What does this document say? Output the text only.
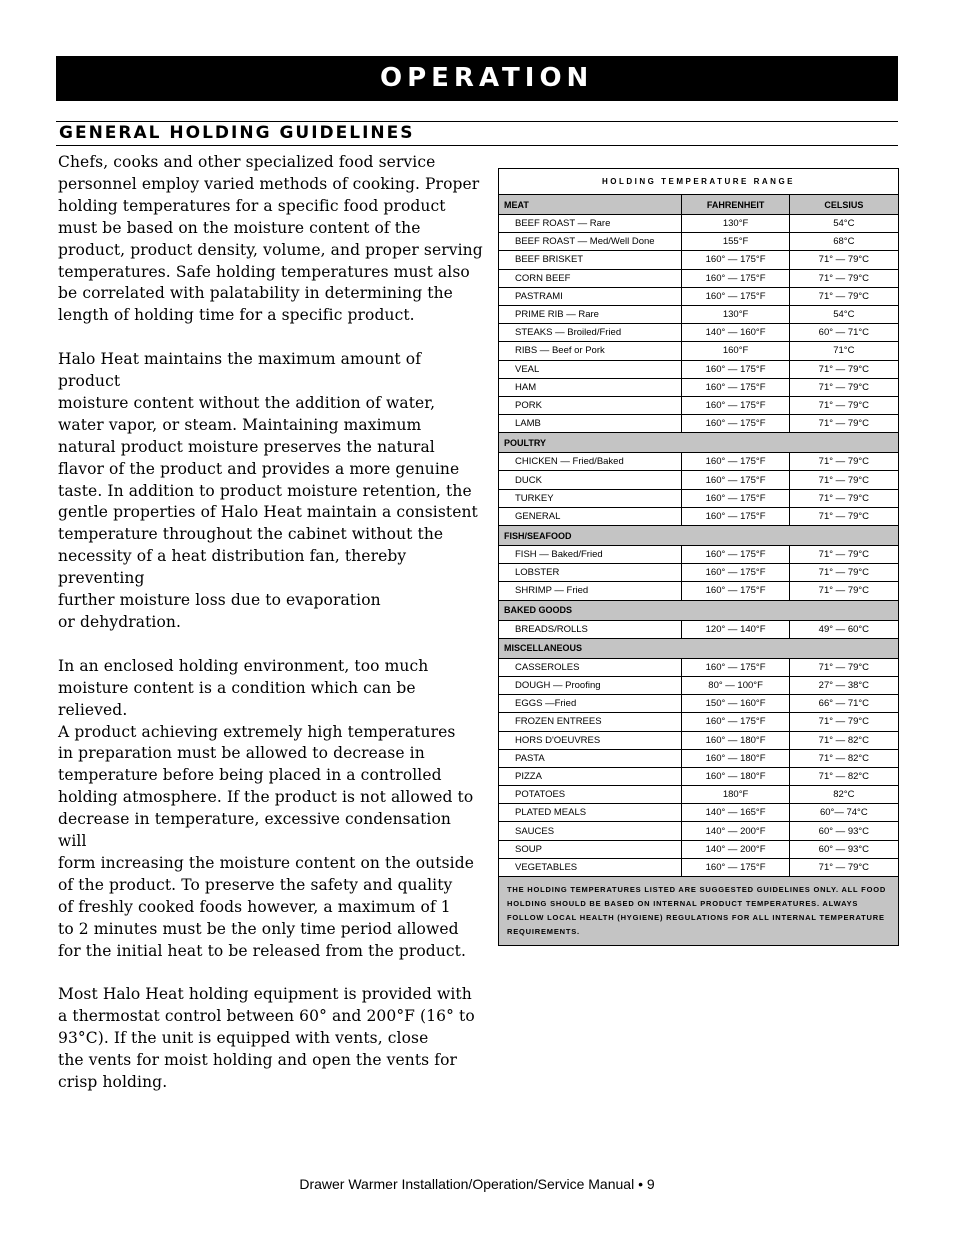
OPERATION
GENERAL HOLDING GUIDELINES

Chefs, cooks and other specialized food service
personnel employ varied methods of cooking. Proper
holding temperatures for a specific food product
must be based on the moisture content of the
product, product density, volume, and proper serving
temperatures. Safe holding temperatures must also
be correlated with palatability in determining the
length of holding time for a specific product.

Halo Heat maintains the maximum amount of product
moisture content without the addition of water,
water vapor, or steam. Maintaining maximum
natural product moisture preserves the natural
flavor of the product and provides a more genuine
taste. In addition to product moisture retention, the
gentle properties of Halo Heat maintain a consistent
temperature throughout the cabinet without the
necessity of a heat distribution fan, thereby preventing
further moisture loss due to evaporation
or dehydration.

In an enclosed holding environment, too much
moisture content is a condition which can be relieved.
A product achieving extremely high temperatures
in preparation must be allowed to decrease in
temperature before being placed in a controlled
holding atmosphere. If the product is not allowed to
decrease in temperature, excessive condensation will
form increasing the moisture content on the outside
of the product. To preserve the safety and quality
of freshly cooked foods however, a maximum of 1
to 2 minutes must be the only time period allowed
for the initial heat to be released from the product.

Most Halo Heat holding equipment is provided with
a thermostat control between 60° and 200°F (16° to
93°C). If the unit is equipped with vents, close
the vents for moist holding and open the vents for
crisp holding.

HOLDING TEMPERATURE RANGE		
MEAT	FAHRENHEIT	CELSIUS
BEEF ROAST — Rare	130°F	54°C
BEEF ROAST — Med/Well Done	155°F	68°C
BEEF BRISKET	160° — 175°F	71° — 79°C
CORN BEEF	160° — 175°F	71° — 79°C
PASTRAMI	160° — 175°F	71° — 79°C
PRIME RIB — Rare	130°F	54°C
STEAKS — Broiled/Fried	140° — 160°F	60° — 71°C
RIBS — Beef or Pork	160°F	71°C
VEAL	160° — 175°F	71° — 79°C
HAM	160° — 175°F	71° — 79°C
PORK	160° — 175°F	71° — 79°C
LAMB	160° — 175°F	71° — 79°C
POULTRY		
CHICKEN — Fried/Baked	160° — 175°F	71° — 79°C
DUCK	160° — 175°F	71° — 79°C
TURKEY	160° — 175°F	71° — 79°C
GENERAL	160° — 175°F	71° — 79°C
FISH/SEAFOOD		
FISH — Baked/Fried	160° — 175°F	71° — 79°C
LOBSTER	160° — 175°F	71° — 79°C
SHRIMP — Fried	160° — 175°F	71° — 79°C
BAKED GOODS		
BREADS/ROLLS	120° — 140°F	49° — 60°C
MISCELLANEOUS		
CASSEROLES	160° — 175°F	71° — 79°C
DOUGH — Proofing	80° — 100°F	27° — 38°C
EGGS —Fried	150° — 160°F	66° — 71°C
FROZEN ENTREES	160° — 175°F	71° — 79°C
HORS D'OEUVRES	160° — 180°F	71° — 82°C
PASTA	160° — 180°F	71° — 82°C
PIZZA	160° — 180°F	71° — 82°C
POTATOES	180°F	82°C
PLATED MEALS	140° — 165°F	60°— 74°C
SAUCES	140° — 200°F	60° — 93°C
SOUP	140° — 200°F	60° — 93°C
VEGETABLES	160° — 175°F	71° — 79°C
THE HOLDING TEMPERATURES LISTED ARE SUGGESTED GUIDELINES ONLY. ALL FOOD HOLDING SHOULD BE BASED ON INTERNAL PRODUCT TEMPERATURES. ALWAYS FOLLOW LOCAL HEALTH (HYGIENE) REGULATIONS FOR ALL INTERNAL TEMPERATURE REQUIREMENTS.		
Drawer Warmer Installation/Operation/Service Manual • 9
